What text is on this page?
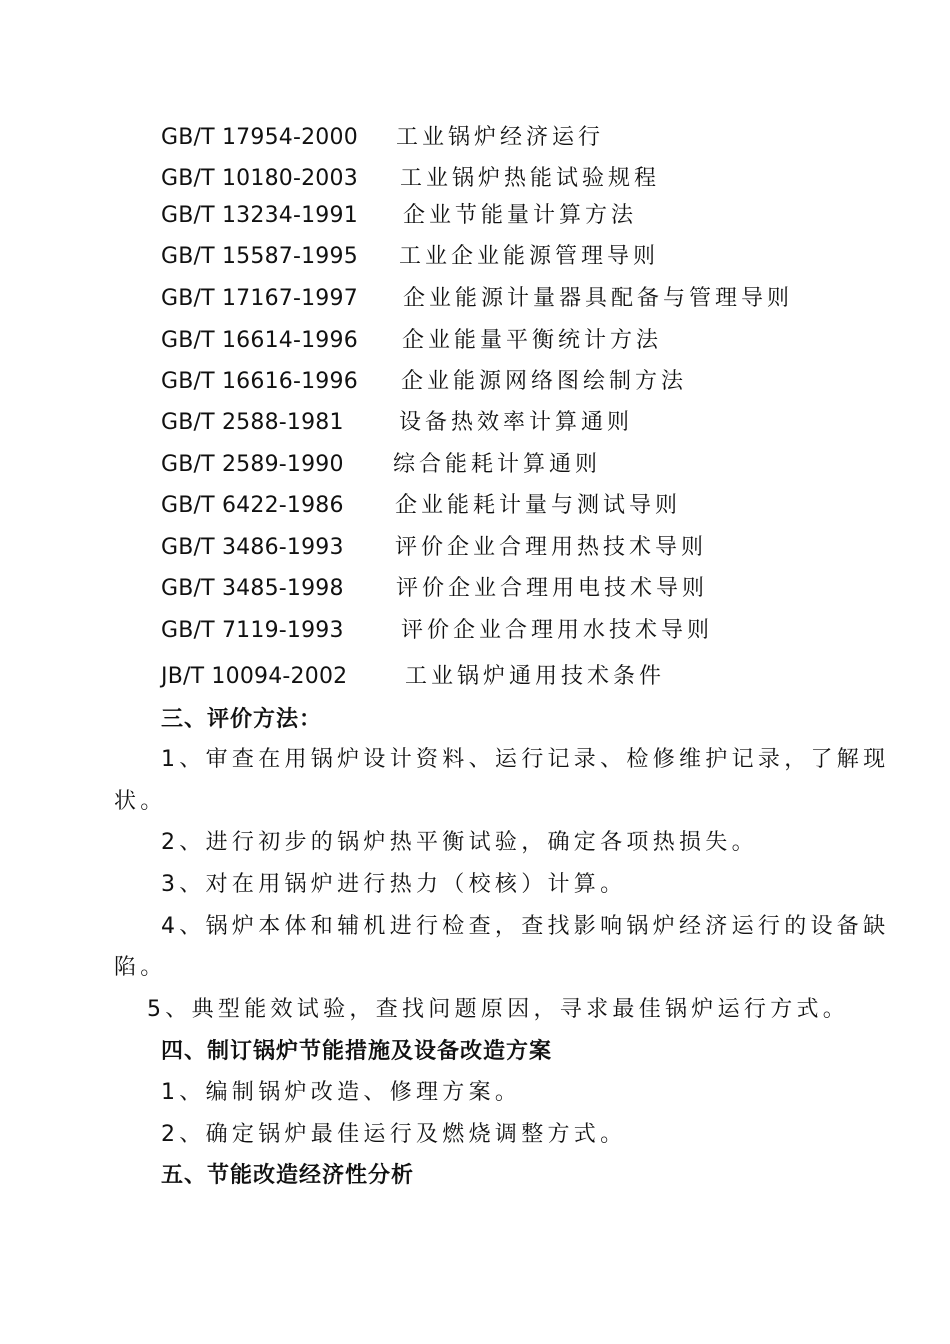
GB/T 17954-2000 工业锅炉经济运行
GB/T 10180-2003 工业锅炉热能试验规程
GB/T 13234-1991 企业节能量计算方法
GB/T 15587-1995 工业企业能源管理导则
GB/T 17167-1997 企业能源计量器具配备与管理导则
GB/T 16614-1996 企业能量平衡统计方法
GB/T 16616-1996 企业能源网络图绘制方法
GB/T 2588-1981	设备热效率计算通则
GB/T 2589-1990 综合能耗计算通则
GB/T 6422-1986 企业能耗计量与测试导则
GB/T 3486-1993 评价企业合理用热技术导则
GB/T 3485-1998 评价企业合理用电技术导则
GB/T 7119-1993	评价企业合理用水技术导则
JB/T 10094-2002	工业锅炉通用技术条件
三、评价方法：
1、审查在用锅炉设计资料、运行记录、检修维护记录，了解现
状。
2、进行初步的锅炉热平衡试验，确定各项热损失。
3、对在用锅炉进行热力（校核）计算。
4、锅炉本体和辅机进行检查，查找影响锅炉经济运行的设备缺
陷。
5、典型能效试验，查找问题原因，寻求最佳锅炉运行方式。
四、制订锅炉节能措施及设备改造方案
1、编制锅炉改造、修理方案。
2、确定锅炉最佳运行及燃烧调整方式。
五、节能改造经济性分析
